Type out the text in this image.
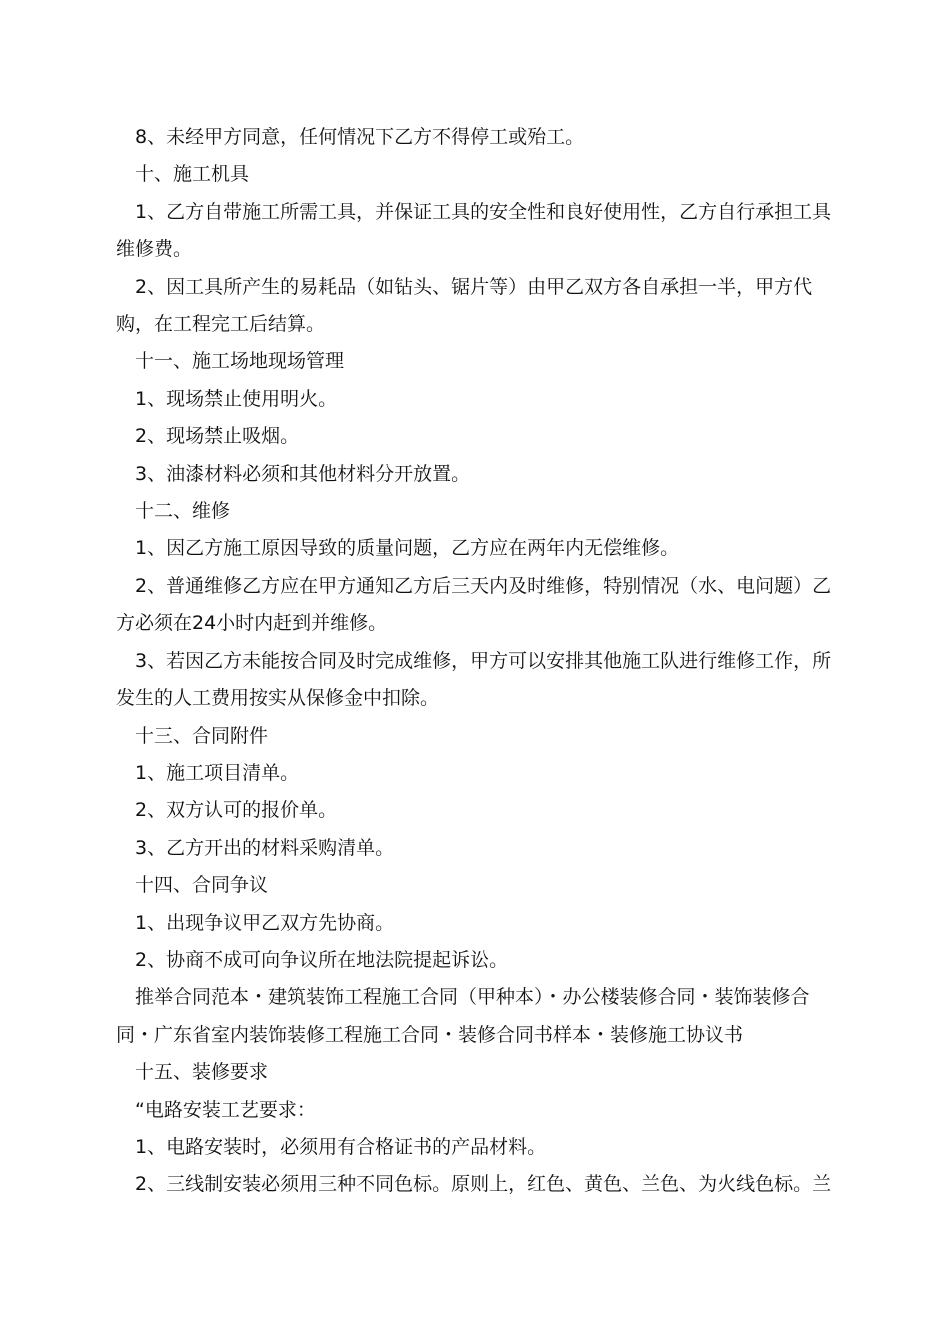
8、未经甲方同意，任何情况下乙方不得停工或殆工。

十、施工机具

1、乙方自带施工所需工具，并保证工具的安全性和良好使用性，乙方自行承担工具维修费。

2、因工具所产生的易耗品（如钻头、锯片等）由甲乙双方各自承担一半，甲方代购，在工程完工后结算。

十一、施工场地现场管理

1、现场禁止使用明火。

2、现场禁止吸烟。

3、油漆材料必须和其他材料分开放置。

十二、维修

1、因乙方施工原因导致的质量问题，乙方应在两年内无偿维修。

2、普通维修乙方应在甲方通知乙方后三天内及时维修，特别情况（水、电问题）乙方必须在24小时内赶到并维修。

3、若因乙方未能按合同及时完成维修，甲方可以安排其他施工队进行维修工作，所发生的人工费用按实从保修金中扣除。

十三、合同附件

1、施工项目清单。

2、双方认可的报价单。

3、乙方开出的材料采购清单。

十四、合同争议

1、出现争议甲乙双方先协商。

2、协商不成可向争议所在地法院提起诉讼。

推举合同范本・建筑装饰工程施工合同（甲种本）・办公楼装修合同・装饰装修合同・广东省室内装饰装修工程施工合同・装修合同书样本・装修施工协议书

十五、装修要求

“电路安装工艺要求：

1、电路安装时，必须用有合格证书的产品材料。

2、三线制安装必须用三种不同色标。原则上，红色、黄色、兰色、为火线色标。兰
